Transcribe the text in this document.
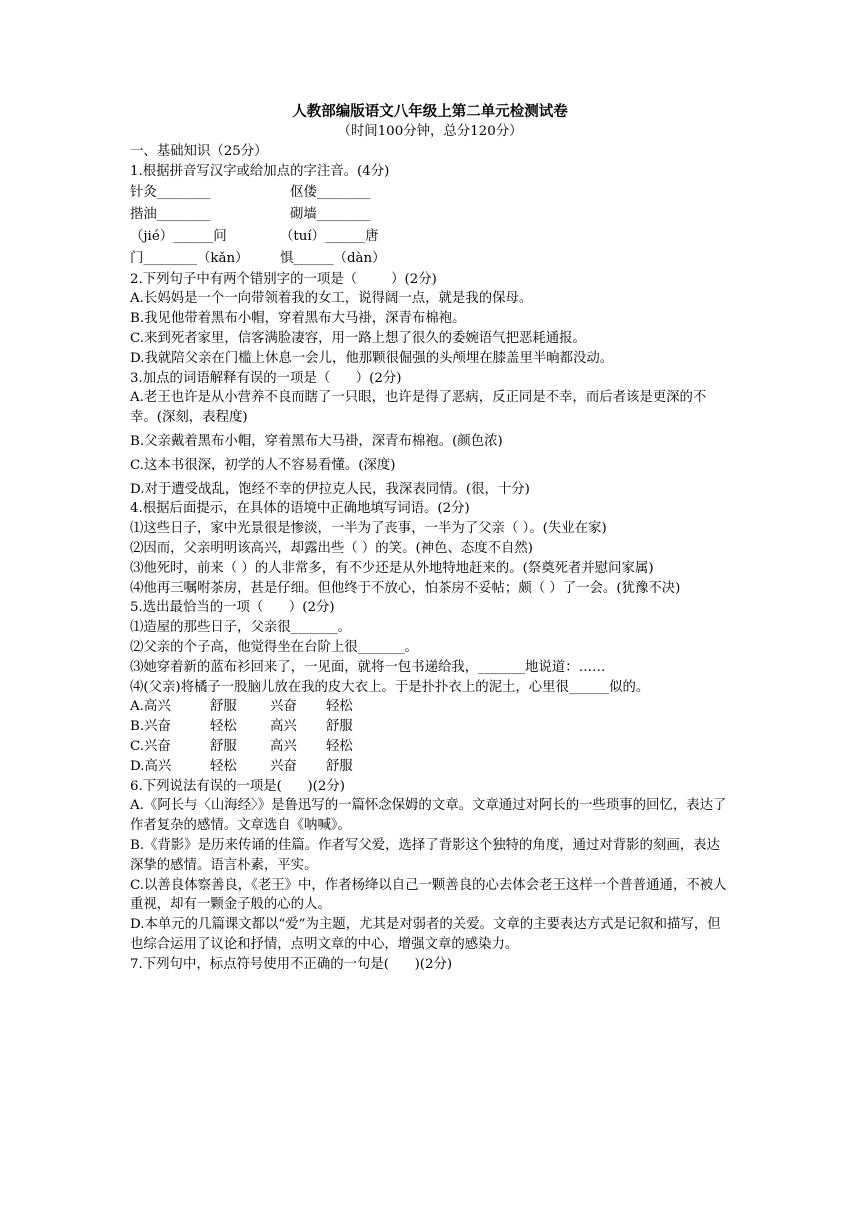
人教部编版语文八年级上第二单元检测试卷
（时间100分钟，总分120分）
一、基础知识（25分）
1.根据拼音写汉字或给加点的字注音。(4分)
针灸________	伛偻________
揩油________	砌墙________
（jié）______问	（tuí）______唐
门________（kǎn）	惧______（dàn）
2.下列句子中有两个错别字的一项是（        ）(2分)
A.长妈妈是一个一向带领着我的女工，说得阔一点，就是我的保母。
B.我见他带着黑布小帽，穿着黑布大马褂，深青布棉袍。
C.来到死者家里，信客满脸凄容，用一路上想了很久的委婉语气把恶耗通报。
D.我就陪父亲在门槛上休息一会儿，他那颗很倔强的头颅埋在膝盖里半晌都没动。
3.加点的词语解释有误的一项是（      ）(2分)
A.老王也许是从小营养不良而瞎了一只眼，也许是得了恶病，反正同是不幸，而后者该是更深的不幸。(深刻，表程度)
B.父亲戴着黑布小帽，穿着黑布大马褂，深青布棉袍。(颜色浓)
C.这本书很深，初学的人不容易看懂。(深度)
D.对于遭受战乱，饱经不幸的伊拉克人民，我深表同情。(很，十分)
4.根据后面提示，在具体的语境中正确地填写词语。(2分)
⑴这些日子，家中光景很是惨淡，一半为了丧事，一半为了父亲（ ）。(失业在家)
⑵因而，父亲明明该高兴，却露出些（ ）的笑。(神色、态度不自然)
⑶他死时，前来（ ）的人非常多，有不少还是从外地特地赶来的。(祭奠死者并慰问家属)
⑷他再三嘱咐茶房，甚是仔细。但他终于不放心，怕茶房不妥帖；颇（ ）了一会。(犹豫不决)
5.选出最恰当的一项（      ）(2分)
⑴造屋的那些日子，父亲很_______。
⑵父亲的个子高，他觉得坐在台阶上很_______。
⑶她穿着新的蓝布衫回来了，一见面，就将一包书递给我，_______地说道：……
⑷(父亲)将橘子一股脑儿放在我的皮大衣上。于是扑扑衣上的泥土，心里很______似的。
A.高兴	舒服	兴奋	轻松
B.兴奋	轻松	高兴	舒服
C.兴奋	舒服	高兴	轻松
D.高兴	轻松	兴奋	舒服
6.下列说法有误的一项是(      )(2分)
A.《阿长与〈山海经〉》是鲁迅写的一篇怀念保姆的文章。文章通过对阿长的一些琐事的回忆，表达了作者复杂的感情。文章选自《呐喊》。
B.《背影》是历来传诵的佳篇。作者写父爱，选择了背影这个独特的角度，通过对背影的刻画，表达深挚的感情。语言朴素，平实。
C.以善良体察善良，《老王》中，作者杨绛以自己一颗善良的心去体会老王这样一个普普通通，不被人重视，却有一颗金子般的心的人。
D.本单元的几篇课文都以“爱”为主题，尤其是对弱者的关爱。文章的主要表达方式是记叙和描写，但也综合运用了议论和抒情，点明文章的中心，增强文章的感染力。
7.下列句中，标点符号使用不正确的一句是(      )(2分)
